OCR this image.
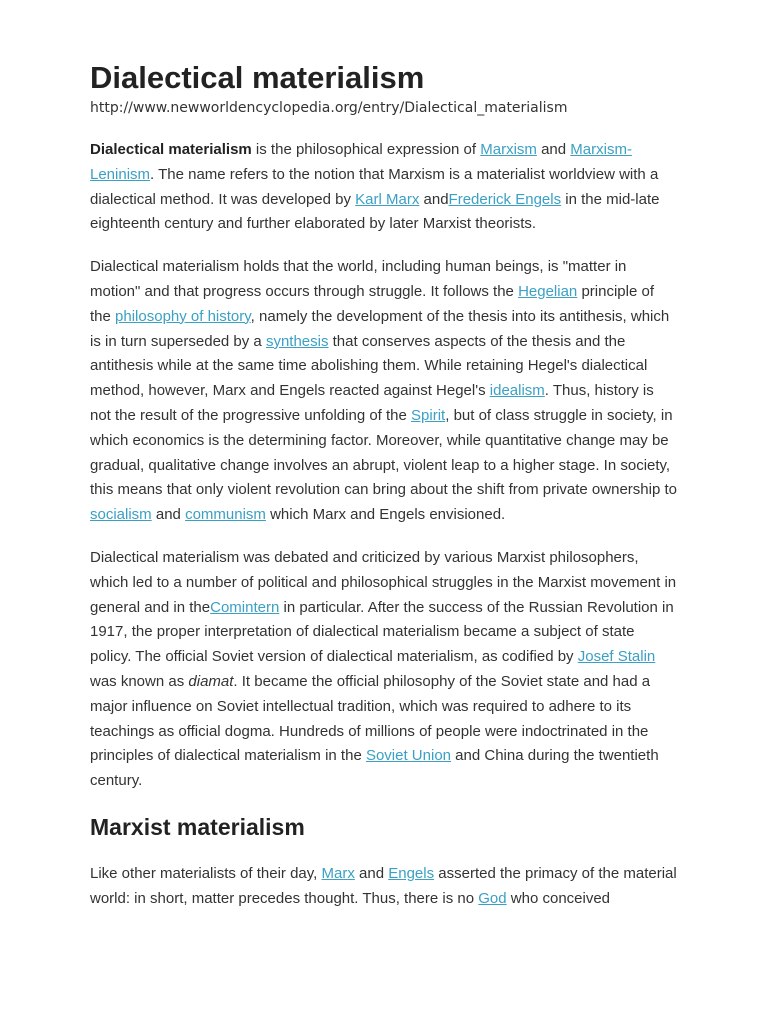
Dialectical materialism
http://www.newworldencyclopedia.org/entry/Dialectical_materialism

Dialectical materialism is the philosophical expression of Marxism and Marxism-Leninism. The name refers to the notion that Marxism is a materialist worldview with a dialectical method. It was developed by Karl Marx andFrederick Engels in the mid-late eighteenth century and further elaborated by later Marxist theorists.

Dialectical materialism holds that the world, including human beings, is "matter in motion" and that progress occurs through struggle. It follows the Hegelian principle of the philosophy of history, namely the development of the thesis into its antithesis, which is in turn superseded by a synthesis that conserves aspects of the thesis and the antithesis while at the same time abolishing them. While retaining Hegel's dialectical method, however, Marx and Engels reacted against Hegel's idealism. Thus, history is not the result of the progressive unfolding of the Spirit, but of class struggle in society, in which economics is the determining factor. Moreover, while quantitative change may be gradual, qualitative change involves an abrupt, violent leap to a higher stage. In society, this means that only violent revolution can bring about the shift from private ownership to socialism and communism which Marx and Engels envisioned.

Dialectical materialism was debated and criticized by various Marxist philosophers, which led to a number of political and philosophical struggles in the Marxist movement in general and in theComintern in particular. After the success of the Russian Revolution in 1917, the proper interpretation of dialectical materialism became a subject of state policy. The official Soviet version of dialectical materialism, as codified by Josef Stalin was known as diamat. It became the official philosophy of the Soviet state and had a major influence on Soviet intellectual tradition, which was required to adhere to its teachings as official dogma. Hundreds of millions of people were indoctrinated in the principles of dialectical materialism in the Soviet Union and China during the twentieth century.

Marxist materialism

Like other materialists of their day, Marx and Engels asserted the primacy of the material world: in short, matter precedes thought. Thus, there is no God who conceived
